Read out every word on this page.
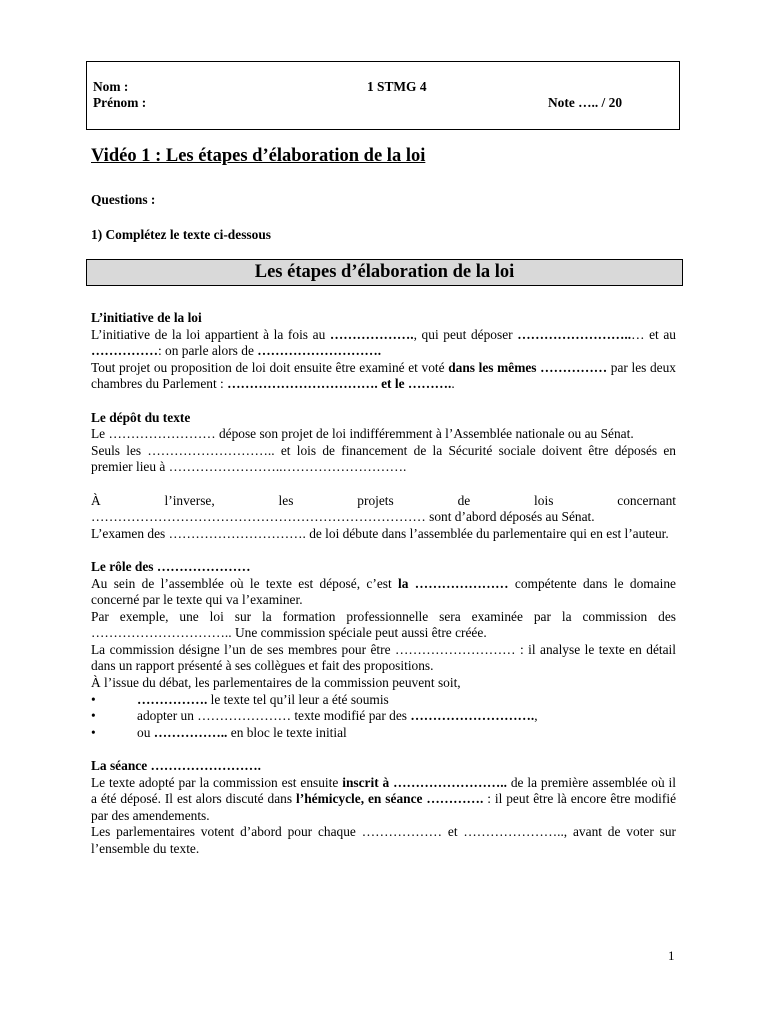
Nom :	1 STMG 4
Prénom :	Note ….. / 20
Vidéo 1 : Les étapes d’élaboration de la loi
Questions :
1) Complétez le texte ci-dessous
Les étapes d’élaboration de la loi

L’initiative de la loi

L’initiative de la loi appartient à la fois au ………………., qui peut déposer ……………………..… et au ……………: on parle alors de ……………………….

Tout projet ou proposition de loi doit ensuite être examiné et voté dans les mêmes …………… par les deux chambres du Parlement : ……………………………. et le ………..

Le dépôt du texte

Le …………………… dépose son projet de loi indifféremment à l’Assemblée nationale ou au Sénat.

Seuls les ……………………….. et lois de financement de la Sécurité sociale doivent être déposés en premier lieu à ……………………..……………………….

À l’inverse, les projets de lois concernant

………………………………………………………………… sont d’abord déposés au Sénat.

L’examen des …………………………. de loi débute dans l’assemblée du parlementaire qui en est l’auteur.

Le rôle des …………………

Au sein de l’assemblée où le texte est déposé, c’est la ………………… compétente dans le domaine concerné par le texte qui va l’examiner.

Par exemple, une loi sur la formation professionnelle sera examinée par la commission des ………………………….. Une commission spéciale peut aussi être créée.

La commission désigne l’un de ses membres pour être ……………………… : il analyse le texte en détail dans un rapport présenté à ses collègues et fait des propositions.

À l’issue du débat, les parlementaires de la commission peuvent soit,

•	……………. le texte tel qu’il leur a été soumis
•	adopter un ………………… texte modifié par des ……………………….,
•	ou …………….. en bloc le texte initial

La séance …………………….

Le texte adopté par la commission est ensuite inscrit à …………………….. de la première assemblée où il a été déposé. Il est alors discuté dans l’hémicycle, en séance …………. : il peut être là encore être modifié par des amendements.

Les parlementaires votent d’abord pour chaque ……………… et ………………….., avant de voter sur l’ensemble du texte.

1
